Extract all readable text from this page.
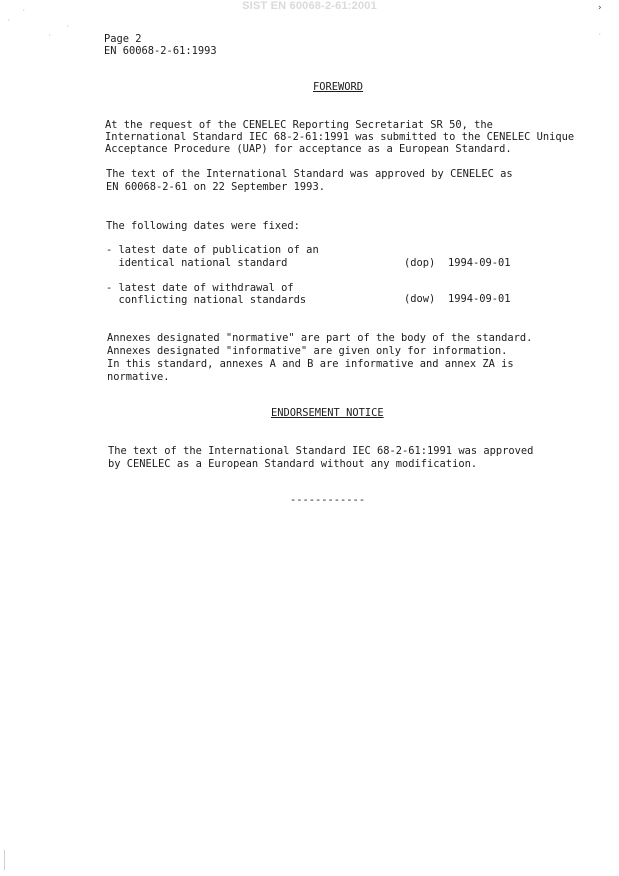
SIST EN 60068-2-61:2001
Page 2
EN 60068-2-61:1993
FOREWORD
At the request of the CENELEC Reporting Secretariat SR 50, the
International Standard IEC 68-2-61:1991 was submitted to the CENELEC Unique
Acceptance Procedure (UAP) for acceptance as a European Standard.
The text of the International Standard was approved by CENELEC as
EN 60068-2-61 on 22 September 1993.
The following dates were fixed:
- latest date of publication of an
identical national standard	(dop) 1994-09-01
- latest date of withdrawal of
conflicting national standards	(dow) 1994-09-01
Annexes designated "normative" are part of the body of the standard.
Annexes designated "informative" are given only for information.
In this standard, annexes A and B are informative and annex ZA is
normative.
ENDORSEMENT NOTICE
The text of the International Standard IEC 68-2-61:1991 was approved
by CENELEC as a European Standard without any modification.
------------
·
·
·
·
›
·
